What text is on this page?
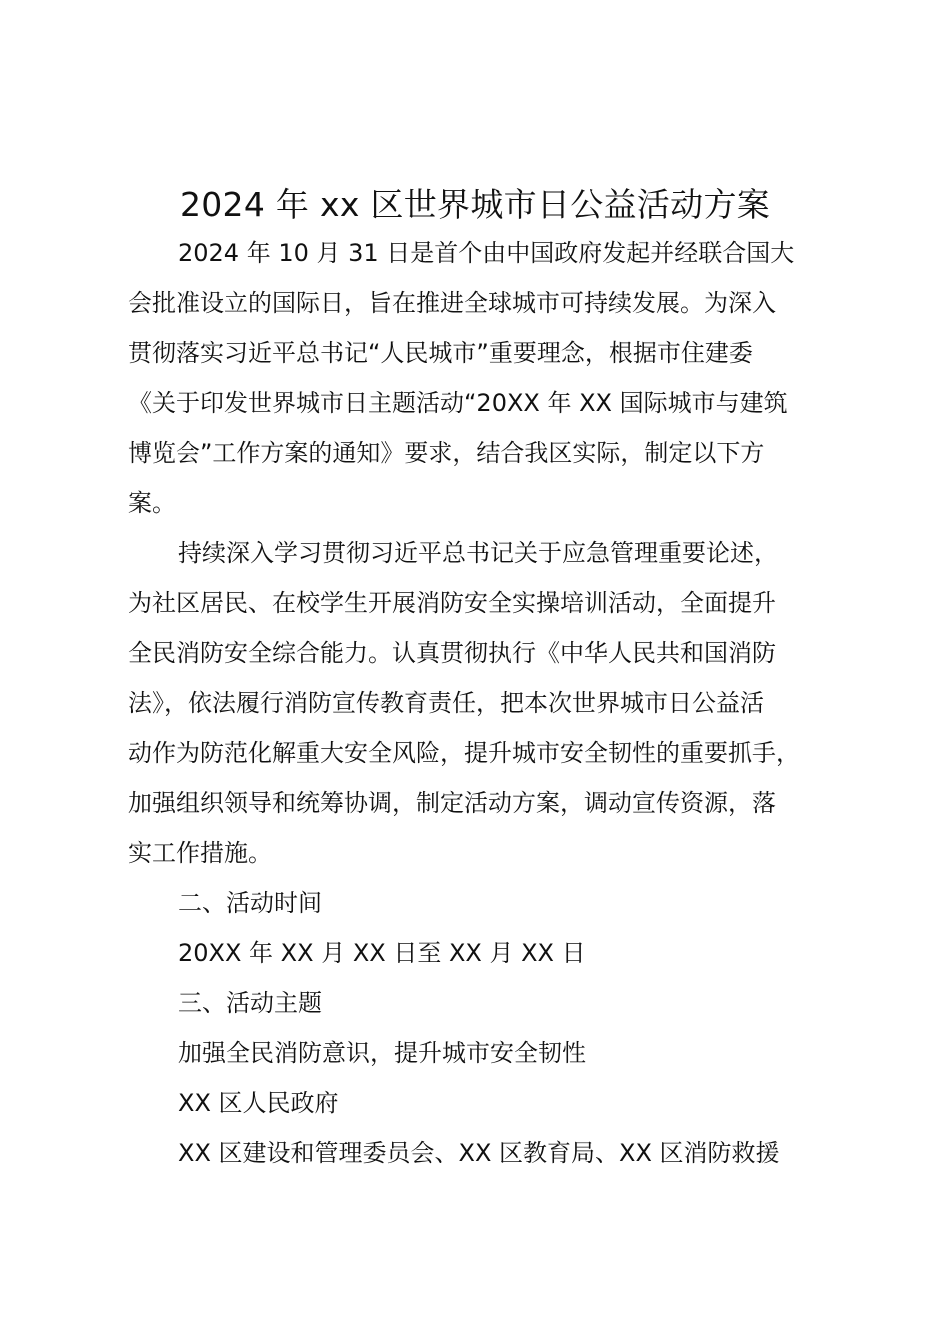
2024 年 xx 区世界城市日公益活动方案
2024 年 10 月 31 日是首个由中国政府发起并经联合国大
会批准设立的国际日，旨在推进全球城市可持续发展。为深入
贯彻落实习近平总书记“人民城市”重要理念，根据市住建委
《关于印发世界城市日主题活动“20XX 年 XX 国际城市与建筑
博览会”工作方案的通知》要求，结合我区实际，制定以下方
案。
持续深入学习贯彻习近平总书记关于应急管理重要论述，
为社区居民、在校学生开展消防安全实操培训活动，全面提升
全民消防安全综合能力。认真贯彻执行《中华人民共和国消防
法》，依法履行消防宣传教育责任，把本次世界城市日公益活
动作为防范化解重大安全风险，提升城市安全韧性的重要抓手，
加强组织领导和统筹协调，制定活动方案，调动宣传资源，落
实工作措施。
二、活动时间
20XX 年 XX 月 XX 日至 XX 月 XX 日
三、活动主题
加强全民消防意识，提升城市安全韧性
XX 区人民政府
XX 区建设和管理委员会、XX 区教育局、XX 区消防救援
